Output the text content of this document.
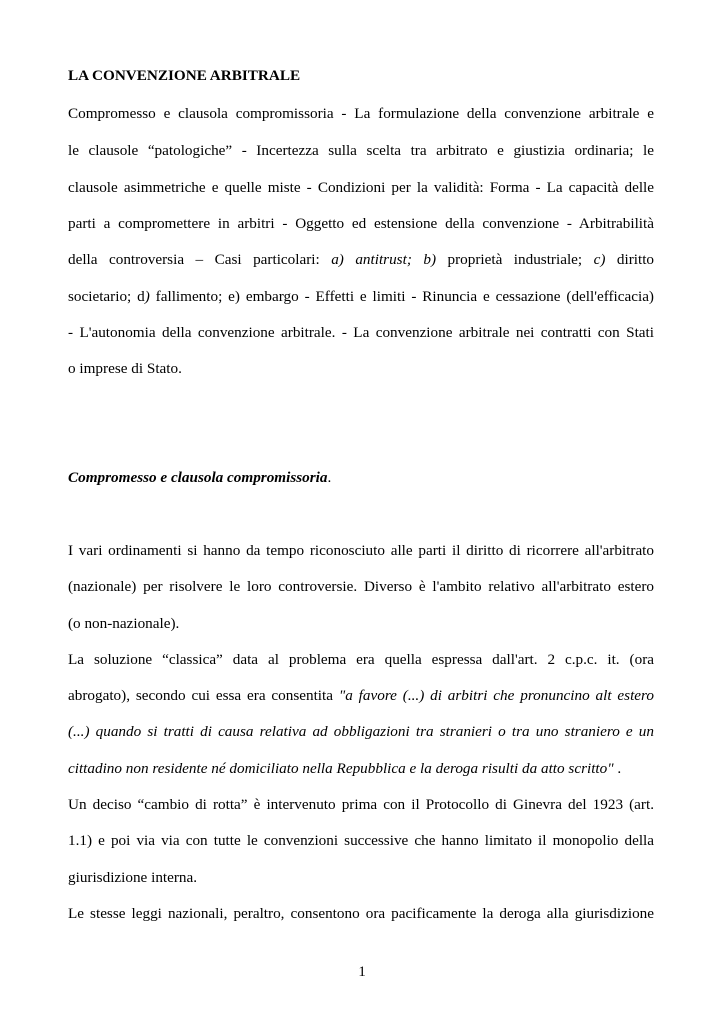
LA CONVENZIONE ARBITRALE
Compromesso e clausola compromissoria - La formulazione della convenzione arbitrale e
le clausole “patologiche” - Incertezza sulla scelta tra arbitrato e giustizia ordinaria; le
clausole asimmetriche e quelle miste - Condizioni per la validità: Forma - La capacità delle
parti a compromettere in arbitri - Oggetto ed estensione della convenzione - Arbitrabilità
della controversia – Casi particolari: a) antitrust; b) proprietà industriale; c) diritto
societario; d) fallimento; e) embargo - Effetti e limiti - Rinuncia e cessazione (dell'efficacia)
- L'autonomia della convenzione arbitrale. - La convenzione arbitrale nei contratti con Stati
o imprese di Stato.
Compromesso e clausola compromissoria.
I vari ordinamenti si hanno da tempo riconosciuto alle parti il diritto di ricorrere all'arbitrato
(nazionale) per risolvere le loro controversie. Diverso è l'ambito relativo all'arbitrato estero
(o non-nazionale).
La soluzione “classica” data al problema era quella espressa dall'art. 2 c.p.c. it. (ora
abrogato), secondo cui essa era consentita "a favore (...) di arbitri che pronuncino alt estero
(...) quando si tratti di causa relativa ad obbligazioni tra stranieri o tra uno straniero e un
cittadino non residente né domiciliato nella Repubblica e la deroga risulti da atto scritto" .
Un deciso “cambio di rotta” è intervenuto prima con il Protocollo di Ginevra del 1923 (art.
1.1) e poi via via con tutte le convenzioni successive che hanno limitato il monopolio della
giurisdizione interna.
Le stesse leggi nazionali, peraltro, consentono ora pacificamente la deroga alla giurisdizione
1
